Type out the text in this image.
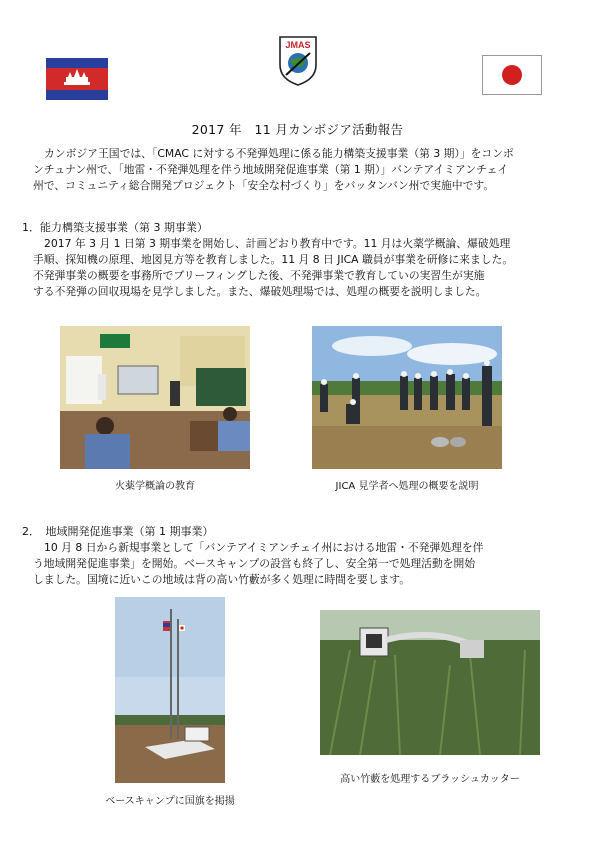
JMAS
2017 年　11 月カンボジア活動報告
カンボジア王国では、「CMAC に対する不発弾処理に係る能力構築支援事業（第 3 期）」をコンポ
ンチュナン州で、「地雷・不発弾処理を伴う地域開発促進事業（第 1 期）」バンテアイミアンチェイ
州で、コミュニティ総合開発プロジェクト「安全な村づくり」をバッタンバン州で実施中です。
1．能力構築支援事業（第 3 期事業）
2017 年 3 月 1 日第 3 期事業を開始し、計画どおり教育中です。11 月は火薬学概論、爆破処理
手順、探知機の原理、地図見方等を教育しました。11 月 8 日 JICA 職員が事業を研修に来ました。
不発弾事業の概要を事務所でブリーフィングした後、不発弾事業で教育していの実習生が実施
する不発弾の回収現場を見学しました。また、爆破処理場では、処理の概要を説明しました。
火薬学概論の教育	JICA 見学者へ処理の概要を説明
2．　地域開発促進事業（第 1 期事業）
10 月 8 日から新規事業として「バンテアイミアンチェイ州における地雷・不発弾処理を伴
う地域開発促進事業」を開始。ベースキャンプの設営も終了し、安全第一で処理活動を開始
しました。国境に近いこの地域は背の高い竹藪が多く処理に時間を要します。
ベースキャンプに国旗を掲揚
高い竹藪を処理するブラッシュカッター
